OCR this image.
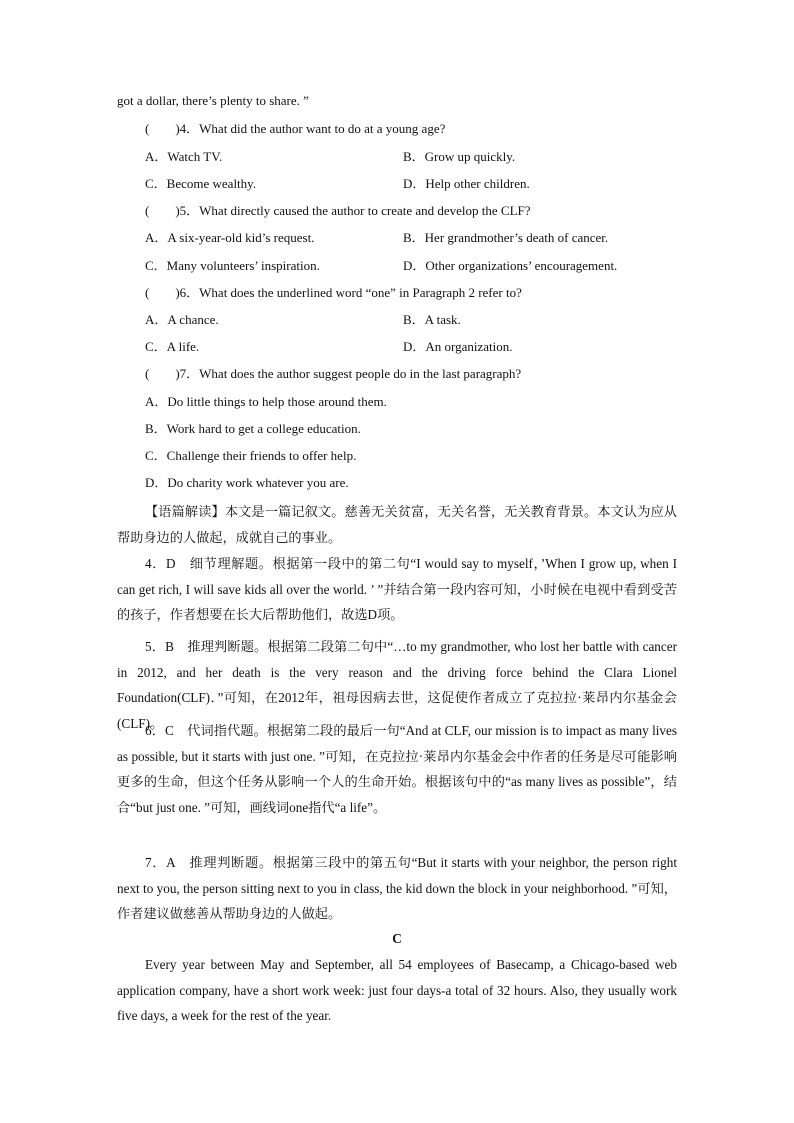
got a dollar, there’s plenty to share. ”
(　　)4．What did the author want to do at a young age?
A．Watch TV.	B．Grow up quickly.
C．Become wealthy.	D．Help other children.
(　　)5．What directly caused the author to create and develop the CLF?
A．A six-year-old kid’s request.	B．Her grandmother’s death of cancer.
C．Many volunteers’ inspiration.	D．Other organizations’ encouragement.
(　　)6．What does the underlined word “one” in Paragraph 2 refer to?
A．A chance.	B．A task.
C．A life.	D．An organization.
(　　)7．What does the author suggest people do in the last paragraph?
A．Do little things to help those around them.
B．Work hard to get a college education.
C．Challenge their friends to offer help.
D．Do charity work whatever you are.
【语篇解读】本文是一篇记叙文。慈善无关贫富，无关名誉，无关教育背景。本文认为应从帮助身边的人做起，成就自己的事业。
4．D　细节理解题。根据第一段中的第二句“I would say to myself，’When I grow up, when I can get rich, I will save kids all over the world. ’ ”并结合第一段内容可知，小时候在电视中看到受苦的孩子，作者想要在长大后帮助他们，故选D项。
5．B　推理判断题。根据第二段第二句中“…to my grandmother, who lost her battle with cancer in 2012, and her death is the very reason and the driving force behind the Clara Lionel Foundation(CLF)．”可知，在2012年，祖母因病去世，这促使作者成立了克拉拉·莱昂内尔基金会(CLF)。
6．C　代词指代题。根据第二段的最后一句“And at CLF, our mission is to impact as many lives as possible, but it starts with just one. ”可知，在克拉拉·莱昂内尔基金会中作者的任务是尽可能影响更多的生命，但这个任务从影响一个人的生命开始。根据该句中的“as many lives as possible”，结合“but just one. ”可知，画线词one指代“a life”。
7．A　推理判断题。根据第三段中的第五句“But it starts with your neighbor, the person right next to you, the person sitting next to you in class, the kid down the block in your neighborhood. ”可知，作者建议做慈善从帮助身边的人做起。
C
Every year between May and September, all 54 employees of Basecamp, a Chicago-based web application company, have a short work week: just four days-a total of 32 hours. Also, they usually work five days, a week for the rest of the year.
